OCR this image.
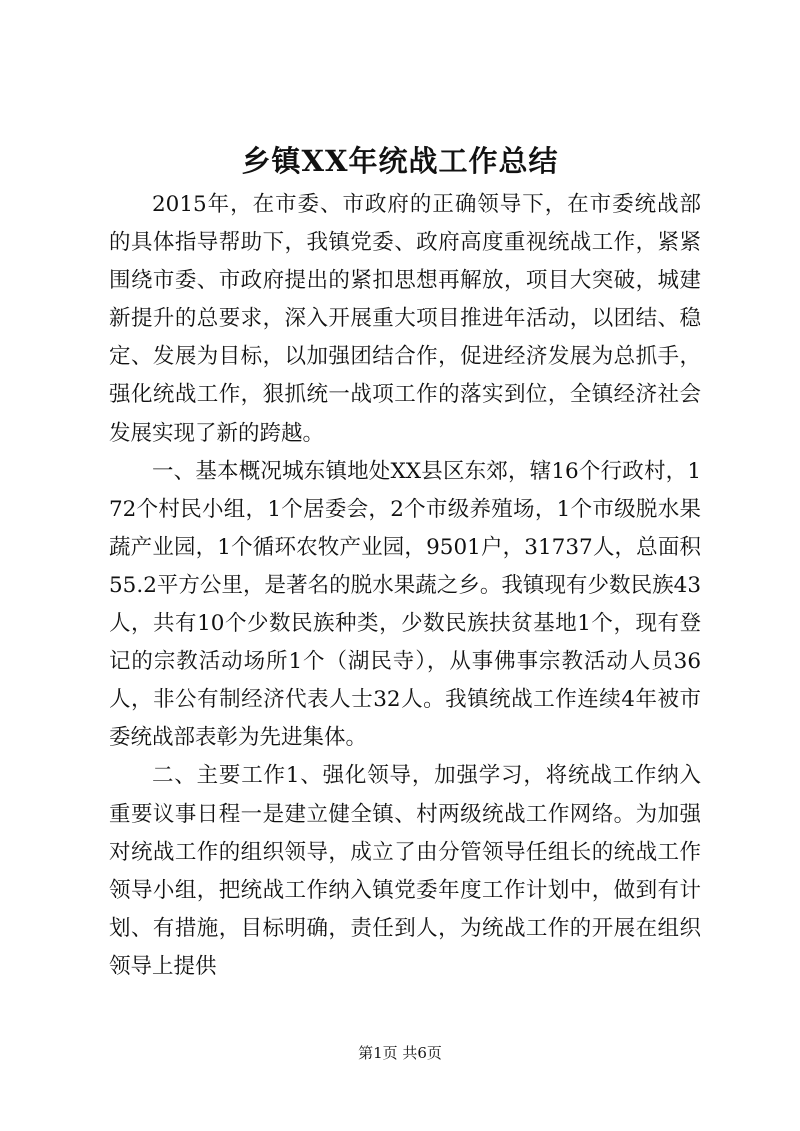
乡镇XX年统战工作总结

2015年，在市委、市政府的正确领导下，在市委统战部的具体指导帮助下，我镇党委、政府高度重视统战工作，紧紧围绕市委、市政府提出的紧扣思想再解放，项目大突破，城建新提升的总要求，深入开展重大项目推进年活动，以团结、稳定、发展为目标，以加强团结合作，促进经济发展为总抓手，强化统战工作，狠抓统一战项工作的落实到位，全镇经济社会发展实现了新的跨越。

一、基本概况城东镇地处XX县区东郊，辖16个行政村，172个村民小组，1个居委会，2个市级养殖场，1个市级脱水果蔬产业园，1个循环农牧产业园，9501户，31737人，总面积55.2平方公里，是著名的脱水果蔬之乡。我镇现有少数民族43人，共有10个少数民族种类，少数民族扶贫基地1个，现有登记的宗教活动场所1个（湖民寺），从事佛事宗教活动人员36人，非公有制经济代表人士32人。我镇统战工作连续4年被市委统战部表彰为先进集体。

二、主要工作1、强化领导，加强学习，将统战工作纳入重要议事日程一是建立健全镇、村两级统战工作网络。为加强对统战工作的组织领导，成立了由分管领导任组长的统战工作领导小组，把统战工作纳入镇党委年度工作计划中，做到有计划、有措施，目标明确，责任到人，为统战工作的开展在组织领导上提供

第1页 共6页
